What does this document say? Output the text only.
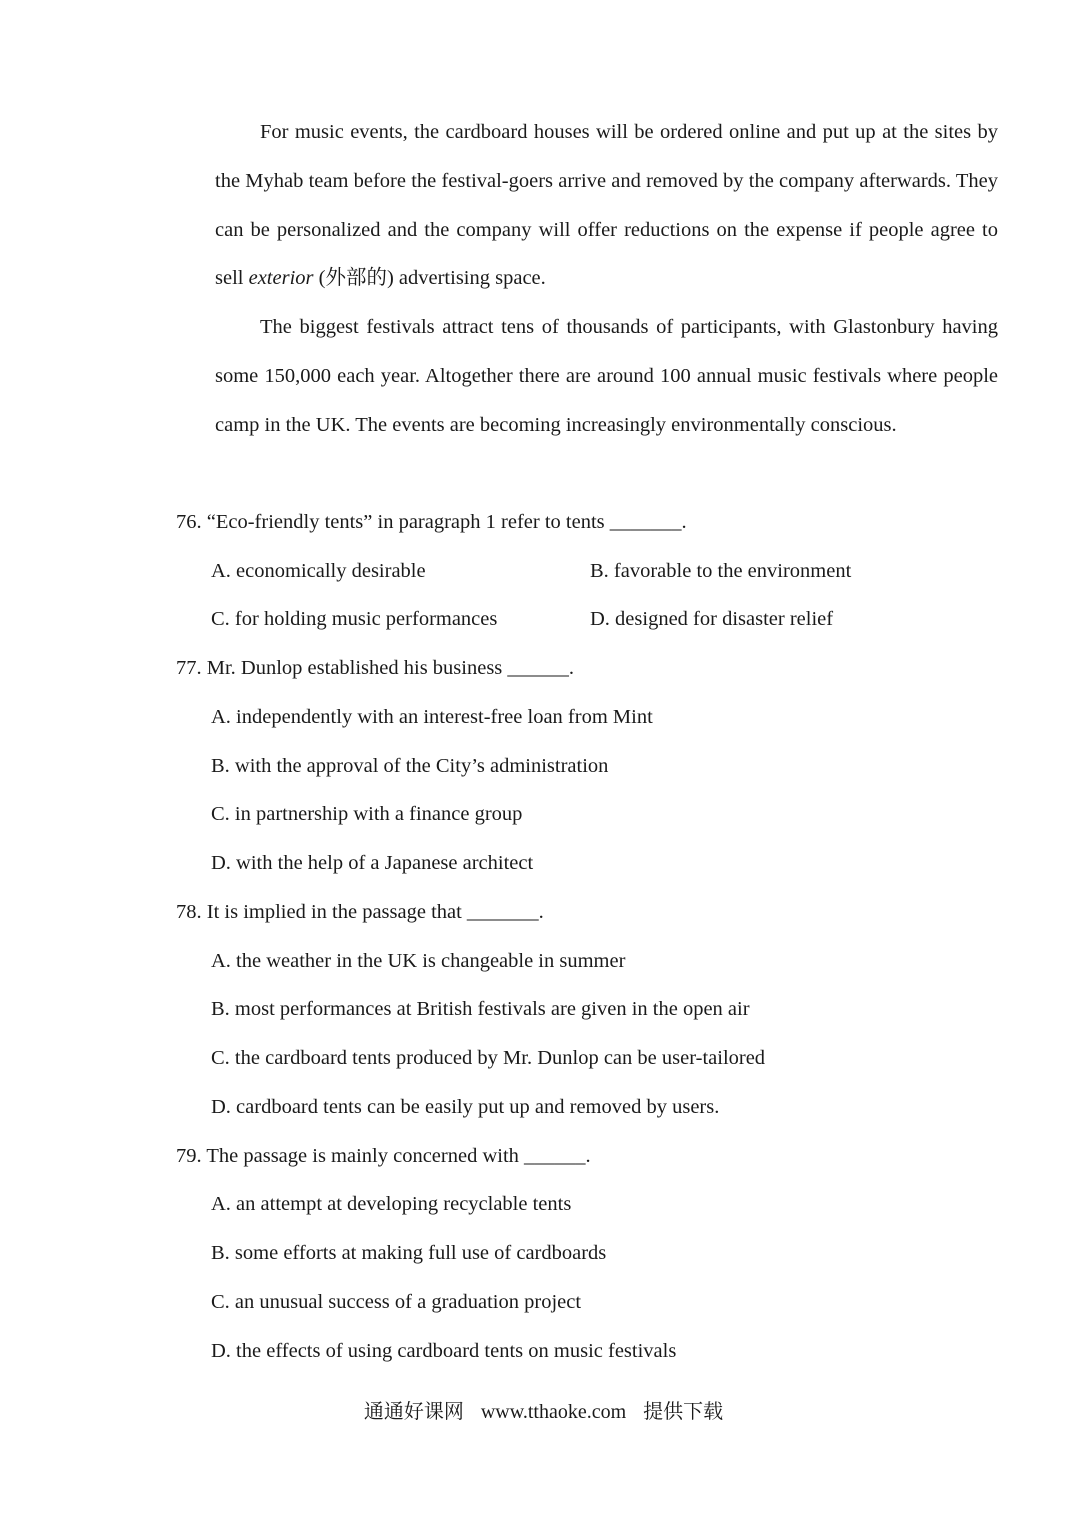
For music events, the cardboard houses will be ordered online and put up at the sites by the Myhab team before the festival-goers arrive and removed by the company afterwards. They can be personalized and the company will offer reductions on the expense if people agree to sell exterior (外部的) advertising space.

The biggest festivals attract tens of thousands of participants, with Glastonbury having some 150,000 each year. Altogether there are around 100 annual music festivals where people camp in the UK. The events are becoming increasingly environmentally conscious.

76. “Eco-friendly tents” in paragraph 1 refer to tents _______.
A. economically desirable	B. favorable to the environment
C. for holding music performances	D. designed for disaster relief
77. Mr. Dunlop established his business ______.
A. independently with an interest-free loan from Mint
B. with the approval of the City’s administration
C. in partnership with a finance group
D. with the help of a Japanese architect
78. It is implied in the passage that _______.
A. the weather in the UK is changeable in summer
B. most performances at British festivals are given in the open air
C. the cardboard tents produced by Mr. Dunlop can be user-tailored
D. cardboard tents can be easily put up and removed by users.
79. The passage is mainly concerned with ______.
A. an attempt at developing recyclable tents
B. some efforts at making full use of cardboards
C. an unusual success of a graduation project
D. the effects of using cardboard tents on music festivals
通通好课网 www.tthaoke.com 提供下载
